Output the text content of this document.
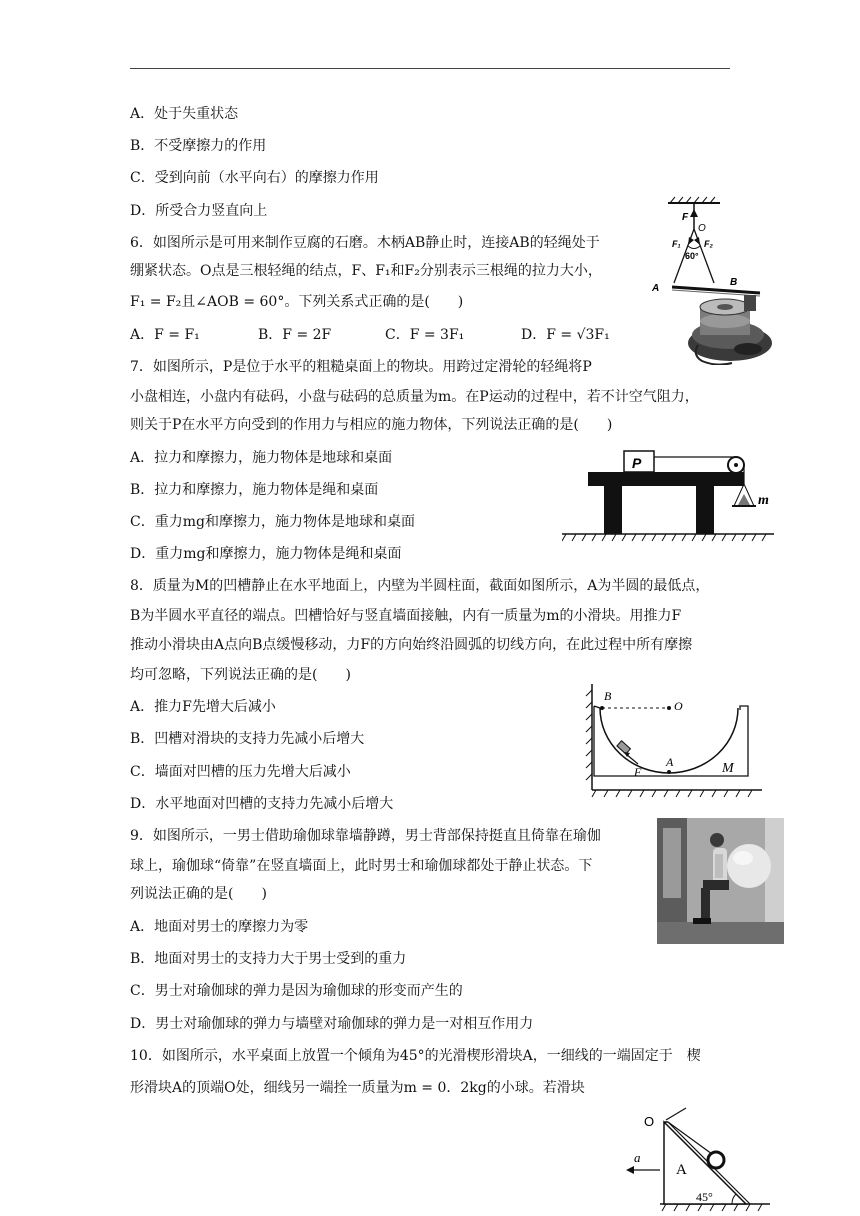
A．处于失重状态
B．不受摩擦力的作用
C．受到向前（水平向右）的摩擦力作用
D．所受合力竖直向上
6．如图所示是可用来制作豆腐的石磨。木柄AB静止时，连接AB的轻绳处于
绷紧状态。O点是三根轻绳的结点，F、F₁和F₂分别表示三根绳的拉力大小，
F₁ = F₂且∠AOB = 60°。下列关系式正确的是(　　)
A．F = F₁	B．F = 2F	C．F = 3F₁	D．F = √3F₁
F
O
F₁	F₂
60°
A
B
7．如图所示，P是位于水平的粗糙桌面上的物块。用跨过定滑轮的轻绳将P
小盘相连，小盘内有砝码，小盘与砝码的总质量为m。在P运动的过程中，若不计空气阻力，
则关于P在水平方向受到的作用力与相应的施力物体，下列说法正确的是(　　)
A．拉力和摩擦力，施力物体是地球和桌面
B．拉力和摩擦力，施力物体是绳和桌面
C．重力mg和摩擦力，施力物体是地球和桌面
D．重力mg和摩擦力，施力物体是绳和桌面
P
m
8．质量为M的凹槽静止在水平地面上，内壁为半圆柱面，截面如图所示，A为半圆的最低点，
B为半圆水平直径的端点。凹槽恰好与竖直墙面接触，内有一质量为m的小滑块。用推力F
推动小滑块由A点向B点缓慢移动，力F的方向始终沿圆弧的切线方向，在此过程中所有摩擦
均可忽略，下列说法正确的是(　　)
A．推力F先增大后减小
B．凹槽对滑块的支持力先减小后增大
C．墙面对凹槽的压力先增大后减小
D．水平地面对凹槽的支持力先减小后增大
B
O
F
A	M
9．如图所示，一男士借助瑜伽球靠墙静蹲，男士背部保持挺直且倚靠在瑜伽
球上，瑜伽球“倚靠”在竖直墙面上，此时男士和瑜伽球都处于静止状态。下
列说法正确的是(　　)
A．地面对男士的摩擦力为零
B．地面对男士的支持力大于男士受到的重力
C．男士对瑜伽球的弹力是因为瑜伽球的形变而产生的
D．男士对瑜伽球的弹力与墙壁对瑜伽球的弹力是一对相互作用力
10．如图所示，水平桌面上放置一个倾角为45°的光滑楔形滑块A，一细线的一端固定于　楔
形滑块A的顶端O处，细线另一端拴一质量为m = 0．2kg的小球。若滑块
O
A
a
45°
